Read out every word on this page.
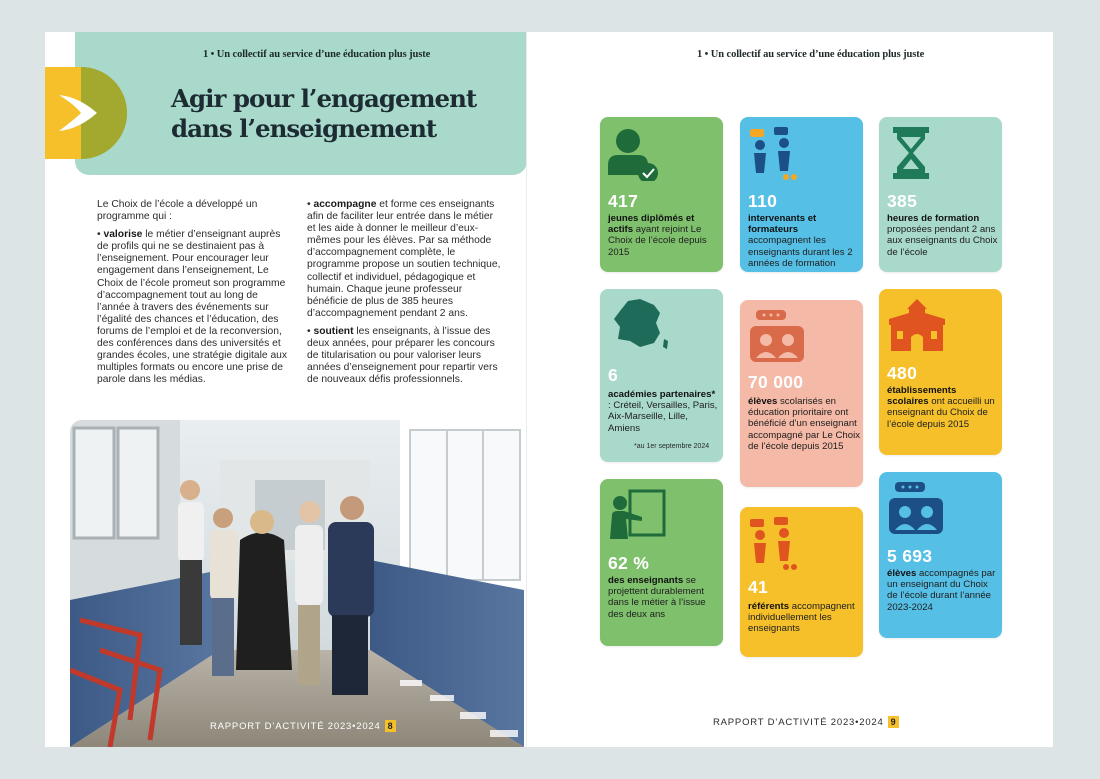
1 • Un collectif au service d’une éducation plus juste
Agir pour l’engagement
dans l’enseignement

Le Choix de l’école a développé un programme qui :

• valorise le métier d’enseignant auprès de profils qui ne se destinaient pas à l’enseignement. Pour encourager leur engagement dans l’enseignement, Le Choix de l’école promeut son programme d’accompagnement tout au long de l’année à travers des événements sur l’égalité des chances et l’éducation, des forums de l’emploi et de la reconversion, des conférences dans des universités et grandes écoles, une stratégie digitale aux multiples formats ou encore une prise de parole dans les médias.

• accompagne et forme ces enseignants afin de faciliter leur entrée dans le métier et les aide à donner le meilleur d’eux-mêmes pour les élèves. Par sa méthode d’accompagnement complète, le programme propose un soutien technique, collectif et individuel, pédagogique et humain. Chaque jeune professeur bénéficie de plus de 385 heures d’accompagnement pendant 2 ans.

• soutient les enseignants, à l’issue des deux années, pour préparer les concours de titularisation ou pour valoriser leurs années d’enseignement pour repartir vers de nouveaux défis professionnels.

RAPPORT D’ACTIVITÉ 2023•2024 8
1 • Un collectif au service d’une éducation plus juste
417
jeunes diplômés et actifs ayant rejoint Le Choix de l’école depuis 2015
110
intervenants et formateurs accompagnent les enseignants durant les 2 années de formation
385
heures de formation proposées pendant 2 ans aux enseignants du Choix de l’école
6
académies partenaires* : Créteil, Versailles, Paris, Aix-Marseille, Lille, Amiens
*au 1er septembre 2024
70 000
élèves scolarisés en éducation prioritaire ont bénéficié d’un enseignant accompagné par Le Choix de l’école depuis 2015
480
établissements scolaires ont accueilli un enseignant du Choix de l’école depuis 2015
62 %
des enseignants se projettent durablement dans le métier à l’issue des deux ans
41
référents accompagnent individuellement les enseignants
5 693
élèves accompagnés par un enseignant du Choix de l’école durant l’année 2023-2024
RAPPORT D’ACTIVITÉ 2023•2024 9
